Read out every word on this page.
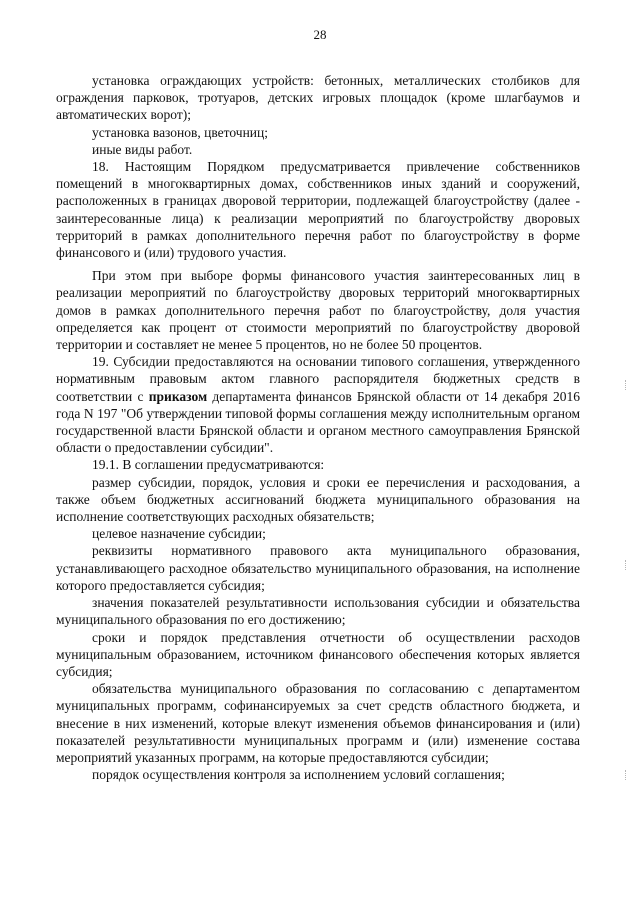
28

установка ограждающих устройств: бетонных, металлических столбиков для ограждения парковок, тротуаров, детских игровых площадок (кроме шлагбаумов и автоматических ворот);

установка вазонов, цветочниц;

иные виды работ.

18. Настоящим Порядком предусматривается привлечение собственников помещений в многоквартирных домах, собственников иных зданий и сооружений, расположенных в границах дворовой территории, подлежащей благоустройству (далее - заинтересованные лица) к реализации мероприятий по благоустройству дворовых территорий в рамках дополнительного перечня работ по благоустройству в форме финансового и (или) трудового участия.

При этом при выборе формы финансового участия заинтересованных лиц в реализации мероприятий по благоустройству дворовых территорий многоквартирных домов в рамках дополнительного перечня работ по благоустройству, доля участия определяется как процент от стоимости мероприятий по благоустройству дворовой территории и составляет не менее 5 процентов, но не более 50 процентов.

19. Субсидии предоставляются на основании типового соглашения, утвержденного нормативным правовым актом главного распорядителя бюджетных средств в соответствии с приказом департамента финансов Брянской области от 14 декабря 2016 года N 197 "Об утверждении типовой формы соглашения между исполнительным органом государственной власти Брянской области и органом местного самоуправления Брянской области о предоставлении субсидии".

19.1. В соглашении предусматриваются:

размер субсидии, порядок, условия и сроки ее перечисления и расходования, а также объем бюджетных ассигнований бюджета муниципального образования на исполнение соответствующих расходных обязательств;

целевое назначение субсидии;

реквизиты нормативного правового акта муниципального образования, устанавливающего расходное обязательство муниципального образования, на исполнение которого предоставляется субсидия;

значения показателей результативности использования субсидии и обязательства муниципального образования по его достижению;

сроки и порядок представления отчетности об осуществлении расходов муниципальным образованием, источником финансового обеспечения которых является субсидия;

обязательства муниципального образования по согласованию с департаментом муниципальных программ, софинансируемых за счет средств областного бюджета, и внесение в них изменений, которые влекут изменения объемов финансирования и (или) показателей результативности муниципальных программ и (или) изменение состава мероприятий указанных программ, на которые предоставляются субсидии;

порядок осуществления контроля за исполнением условий соглашения;
